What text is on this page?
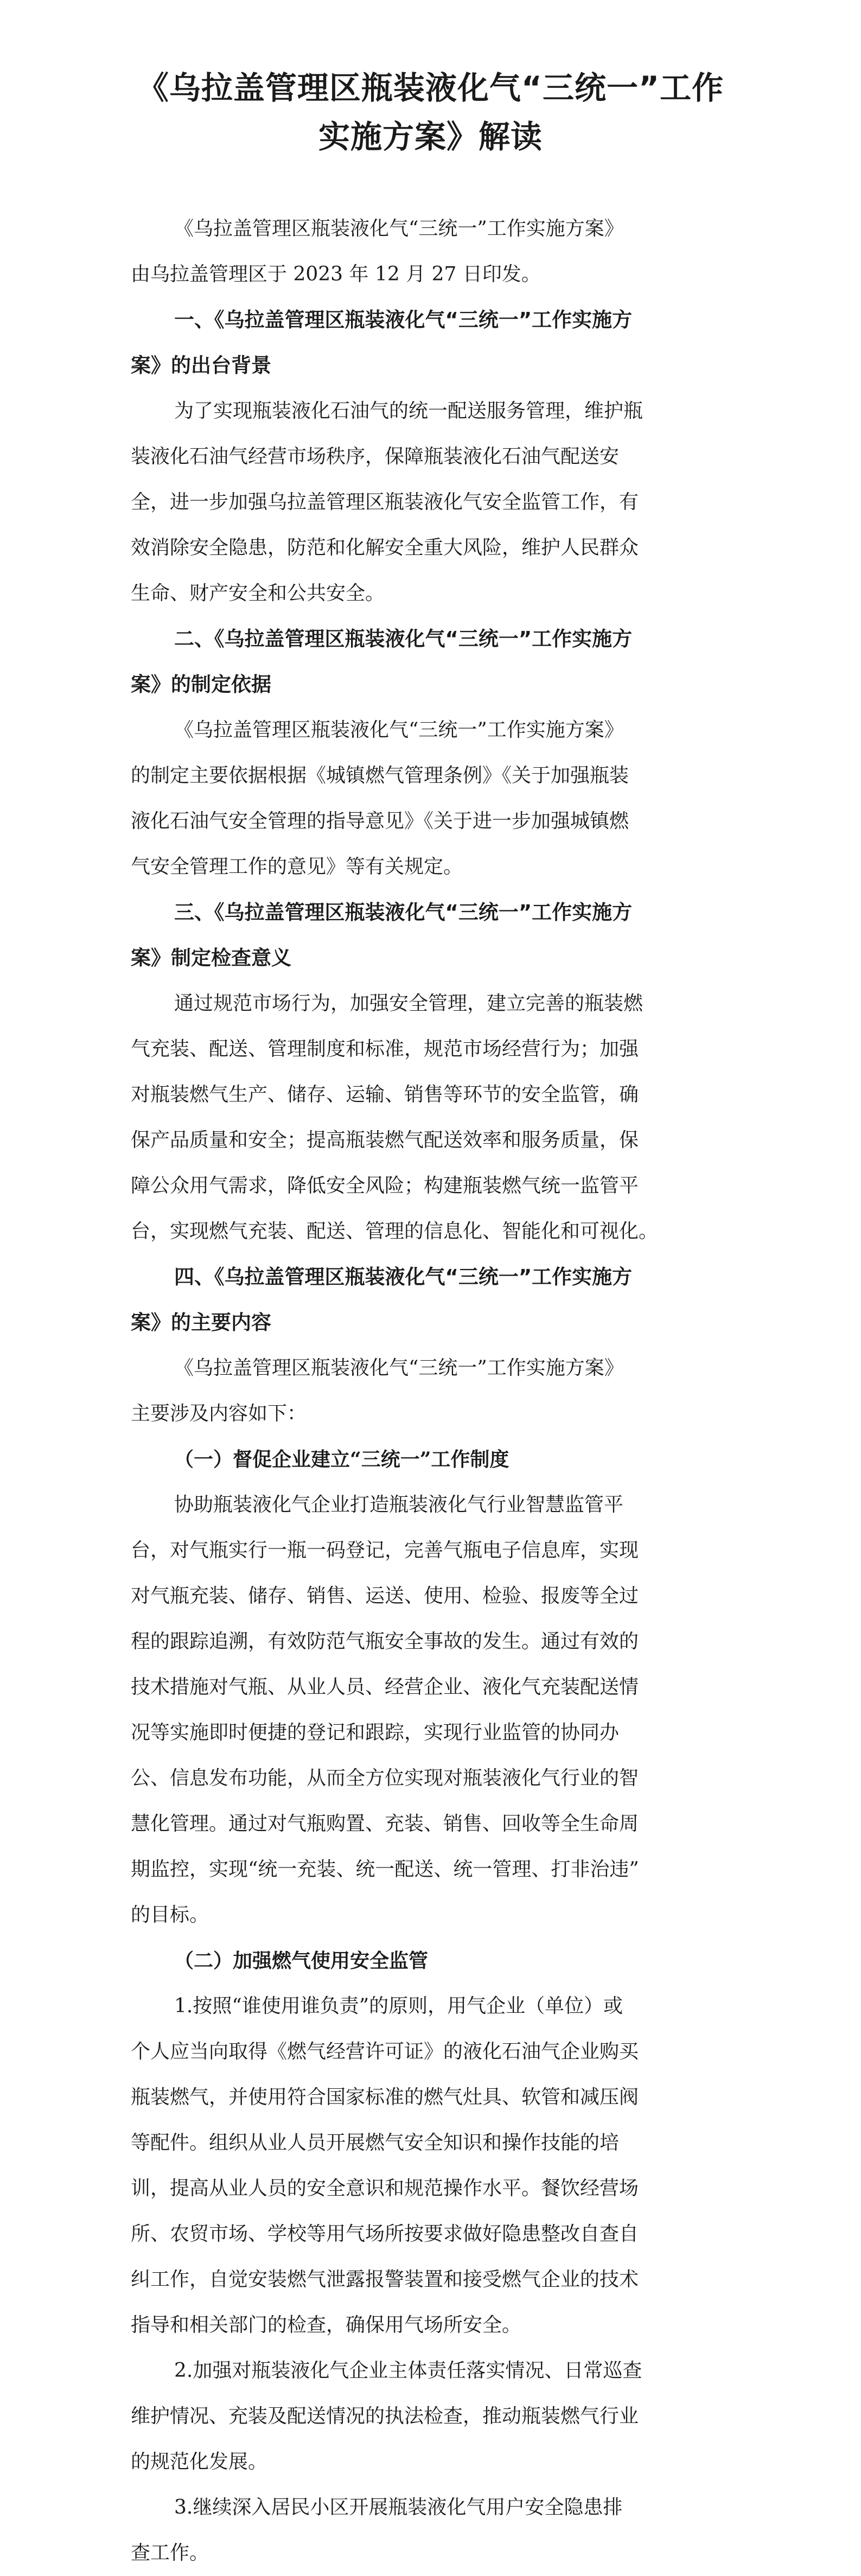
《乌拉盖管理区瓶装液化气“三统一”工作
实施方案》解读
《乌拉盖管理区瓶装液化气“三统一”工作实施方案》
由乌拉盖管理区于 2023 年 12 月 27 日印发。
一、《乌拉盖管理区瓶装液化气“三统一”工作实施方
案》的出台背景
为了实现瓶装液化石油气的统一配送服务管理，维护瓶
装液化石油气经营市场秩序，保障瓶装液化石油气配送安
全，进一步加强乌拉盖管理区瓶装液化气安全监管工作，有
效消除安全隐患，防范和化解安全重大风险，维护人民群众
生命、财产安全和公共安全。
二、《乌拉盖管理区瓶装液化气“三统一”工作实施方
案》的制定依据
《乌拉盖管理区瓶装液化气“三统一”工作实施方案》
的制定主要依据根据《城镇燃气管理条例》《关于加强瓶装
液化石油气安全管理的指导意见》《关于进一步加强城镇燃
气安全管理工作的意见》等有关规定。
三、《乌拉盖管理区瓶装液化气“三统一”工作实施方
案》制定检查意义
通过规范市场行为，加强安全管理，建立完善的瓶装燃
气充装、配送、管理制度和标准，规范市场经营行为；加强
对瓶装燃气生产、储存、运输、销售等环节的安全监管，确
保产品质量和安全；提高瓶装燃气配送效率和服务质量，保
障公众用气需求，降低安全风险；构建瓶装燃气统一监管平
台，实现燃气充装、配送、管理的信息化、智能化和可视化。
四、《乌拉盖管理区瓶装液化气“三统一”工作实施方
案》的主要内容
《乌拉盖管理区瓶装液化气“三统一”工作实施方案》
主要涉及内容如下：
（一）督促企业建立“三统一”工作制度
协助瓶装液化气企业打造瓶装液化气行业智慧监管平
台，对气瓶实行一瓶一码登记，完善气瓶电子信息库，实现
对气瓶充装、储存、销售、运送、使用、检验、报废等全过
程的跟踪追溯，有效防范气瓶安全事故的发生。通过有效的
技术措施对气瓶、从业人员、经营企业、液化气充装配送情
况等实施即时便捷的登记和跟踪，实现行业监管的协同办
公、信息发布功能，从而全方位实现对瓶装液化气行业的智
慧化管理。通过对气瓶购置、充装、销售、回收等全生命周
期监控，实现“统一充装、统一配送、统一管理、打非治违”
的目标。
（二）加强燃气使用安全监管
1.按照“谁使用谁负责”的原则，用气企业（单位）或
个人应当向取得《燃气经营许可证》的液化石油气企业购买
瓶装燃气，并使用符合国家标准的燃气灶具、软管和减压阀
等配件。组织从业人员开展燃气安全知识和操作技能的培
训，提高从业人员的安全意识和规范操作水平。餐饮经营场
所、农贸市场、学校等用气场所按要求做好隐患整改自查自
纠工作，自觉安装燃气泄露报警装置和接受燃气企业的技术
指导和相关部门的检查，确保用气场所安全。
2.加强对瓶装液化气企业主体责任落实情况、日常巡查
维护情况、充装及配送情况的执法检查，推动瓶装燃气行业
的规范化发展。
3.继续深入居民小区开展瓶装液化气用户安全隐患排
查工作。
